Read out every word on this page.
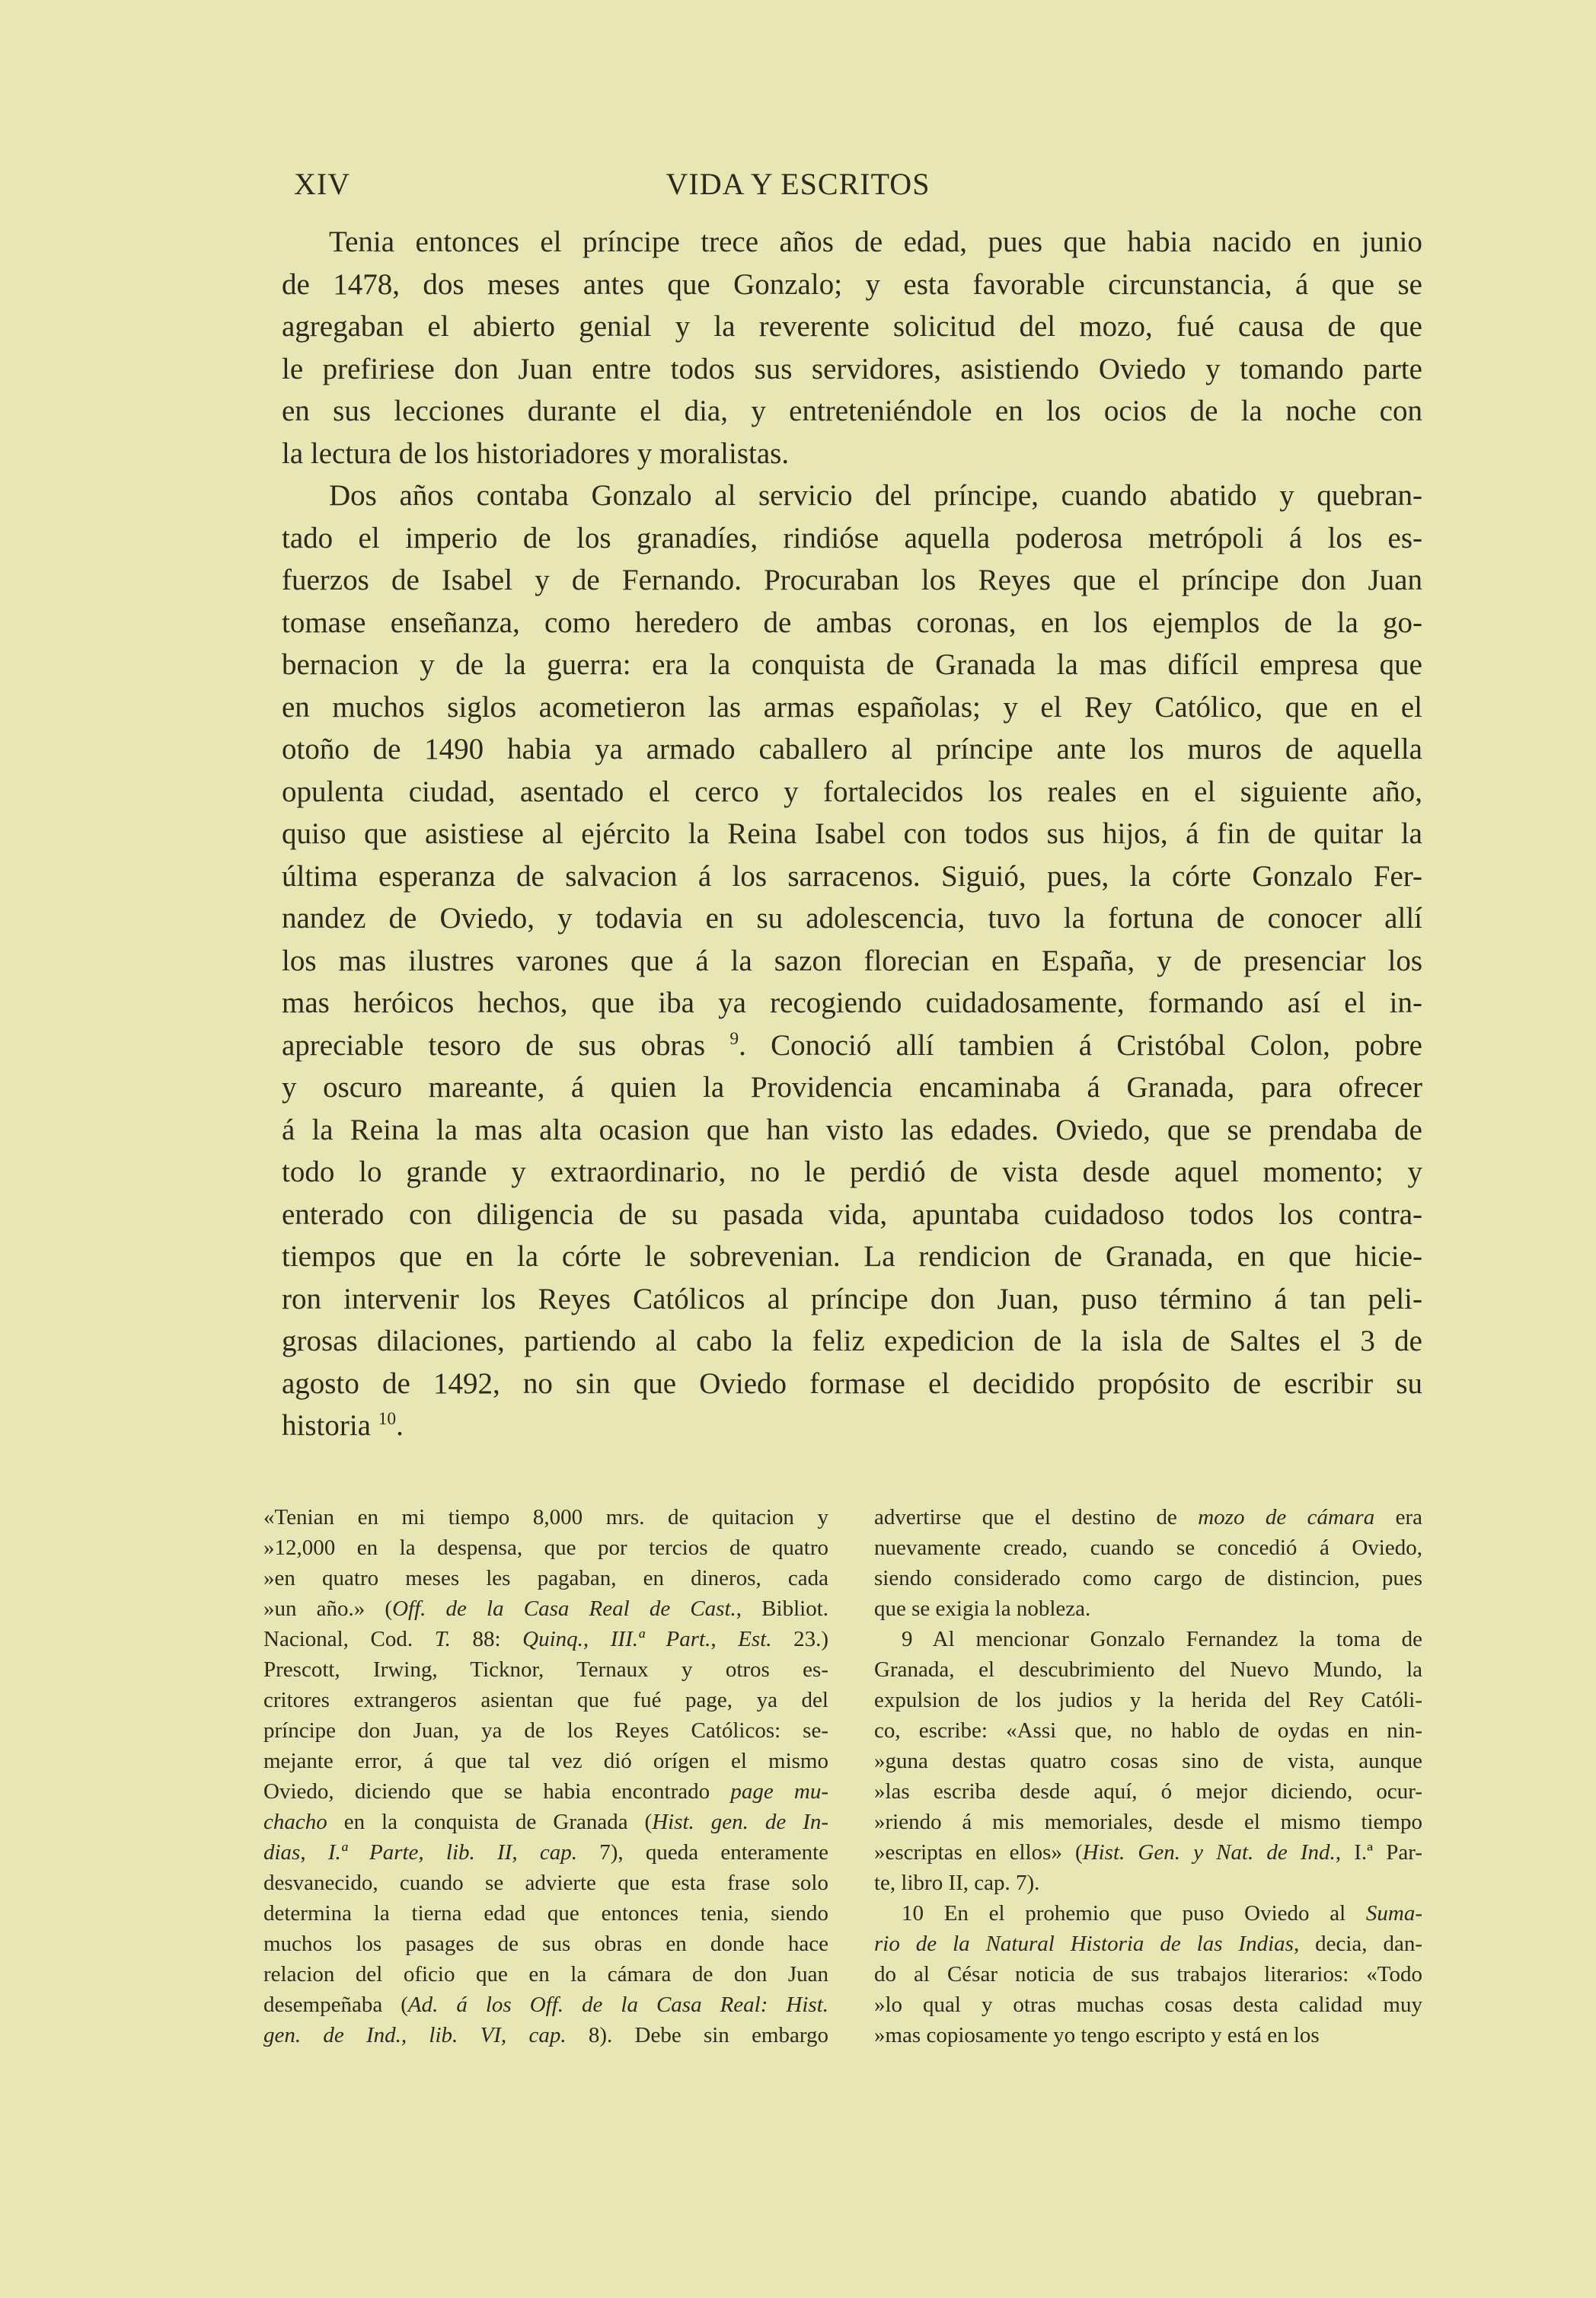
XIV	VIDA Y ESCRITOS
Tenia entonces el príncipe trece años de edad, pues que habia nacido en junio
de 1478, dos meses antes que Gonzalo; y esta favorable circunstancia, á que se
agregaban el abierto genial y la reverente solicitud del mozo, fué causa de que
le prefiriese don Juan entre todos sus servidores, asistiendo Oviedo y tomando parte
en sus lecciones durante el dia, y entreteniéndole en los ocios de la noche con
la lectura de los historiadores y moralistas.
Dos años contaba Gonzalo al servicio del príncipe, cuando abatido y quebran-
tado el imperio de los granadíes, rindióse aquella poderosa metrópoli á los es-
fuerzos de Isabel y de Fernando. Procuraban los Reyes que el príncipe don Juan
tomase enseñanza, como heredero de ambas coronas, en los ejemplos de la go-
bernacion y de la guerra: era la conquista de Granada la mas difícil empresa que
en muchos siglos acometieron las armas españolas; y el Rey Católico, que en el
otoño de 1490 habia ya armado caballero al príncipe ante los muros de aquella
opulenta ciudad, asentado el cerco y fortalecidos los reales en el siguiente año,
quiso que asistiese al ejército la Reina Isabel con todos sus hijos, á fin de quitar la
última esperanza de salvacion á los sarracenos. Siguió, pues, la córte Gonzalo Fer-
nandez de Oviedo, y todavia en su adolescencia, tuvo la fortuna de conocer allí
los mas ilustres varones que á la sazon florecian en España, y de presenciar los
mas heróicos hechos, que iba ya recogiendo cuidadosamente, formando así el in-
apreciable tesoro de sus obras $^9$. Conoció allí tambien á Cristóbal Colon, pobre
y oscuro mareante, á quien la Providencia encaminaba á Granada, para ofrecer
á la Reina la mas alta ocasion que han visto las edades. Oviedo, que se prendaba de
todo lo grande y extraordinario, no le perdió de vista desde aquel momento; y
enterado con diligencia de su pasada vida, apuntaba cuidadoso todos los contra-
tiempos que en la córte le sobrevenian. La rendicion de Granada, en que hicie-
ron intervenir los Reyes Católicos al príncipe don Juan, puso término á tan peli-
grosas dilaciones, partiendo al cabo la feliz expedicion de la isla de Saltes el 3 de
agosto de 1492, no sin que Oviedo formase el decidido propósito de escribir su
historia $^{10}$.
«Tenian en mi tiempo 8,000 mrs. de quitacion y
»12,000 en la despensa, que por tercios de quatro
»en quatro meses les pagaban, en dineros, cada
»un año.» (Off. de la Casa Real de Cast., Bibliot.
Nacional, Cod. T. 88: Quinq., III.ª Part., Est. 23.)
Prescott, Irwing, Ticknor, Ternaux y otros es-
critores extrangeros asientan que fué page, ya del
príncipe don Juan, ya de los Reyes Católicos: se-
mejante error, á que tal vez dió orígen el mismo
Oviedo, diciendo que se habia encontrado page mu-
chacho en la conquista de Granada (Hist. gen. de In-
dias, I.ª Parte, lib. II, cap. 7), queda enteramente
desvanecido, cuando se advierte que esta frase solo
determina la tierna edad que entonces tenia, siendo
muchos los pasages de sus obras en donde hace
relacion del oficio que en la cámara de don Juan
desempeñaba (Ad. á los Off. de la Casa Real: Hist.
gen. de Ind., lib. VI, cap. 8). Debe sin embargo
advertirse que el destino de mozo de cámara era
nuevamente creado, cuando se concedió á Oviedo,
siendo considerado como cargo de distincion, pues
que se exigia la nobleza.
9 Al mencionar Gonzalo Fernandez la toma de
Granada, el descubrimiento del Nuevo Mundo, la
expulsion de los judios y la herida del Rey Católi-
co, escribe: «Assi que, no hablo de oydas en nin-
»guna destas quatro cosas sino de vista, aunque
»las escriba desde aquí, ó mejor diciendo, ocur-
»riendo á mis memoriales, desde el mismo tiempo
»escriptas en ellos» (Hist. Gen. y Nat. de Ind., I.ª Par-
te, libro II, cap. 7).
10 En el prohemio que puso Oviedo al Suma-
rio de la Natural Historia de las Indias, decia, dan-
do al César noticia de sus trabajos literarios: «Todo
»lo qual y otras muchas cosas desta calidad muy
»mas copiosamente yo tengo escripto y está en los
